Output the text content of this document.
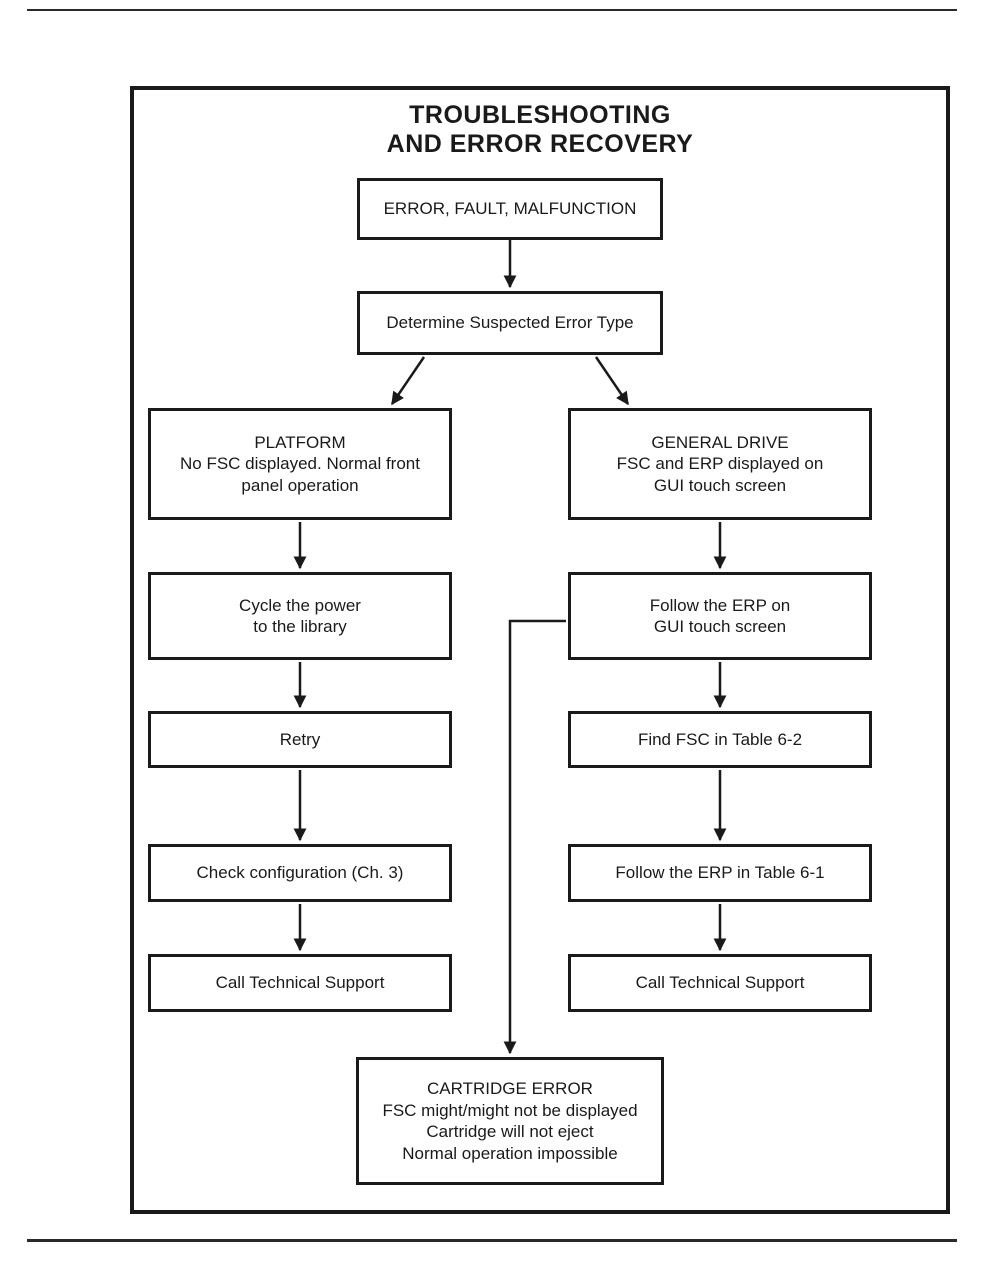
TROUBLESHOOTING
AND ERROR RECOVERY
ERROR, FAULT, MALFUNCTION
Determine Suspected Error Type
PLATFORM
No FSC displayed. Normal front
panel operation
GENERAL DRIVE
FSC and ERP displayed on
GUI touch screen
Cycle the power
to the library
Follow the ERP on
GUI touch screen
Retry	Find FSC in Table 6-2
Check configuration (Ch. 3)	Follow the ERP in Table 6-1
Call Technical Support	Call Technical Support
CARTRIDGE ERROR
FSC might/might not be displayed
Cartridge will not eject
Normal operation impossible
